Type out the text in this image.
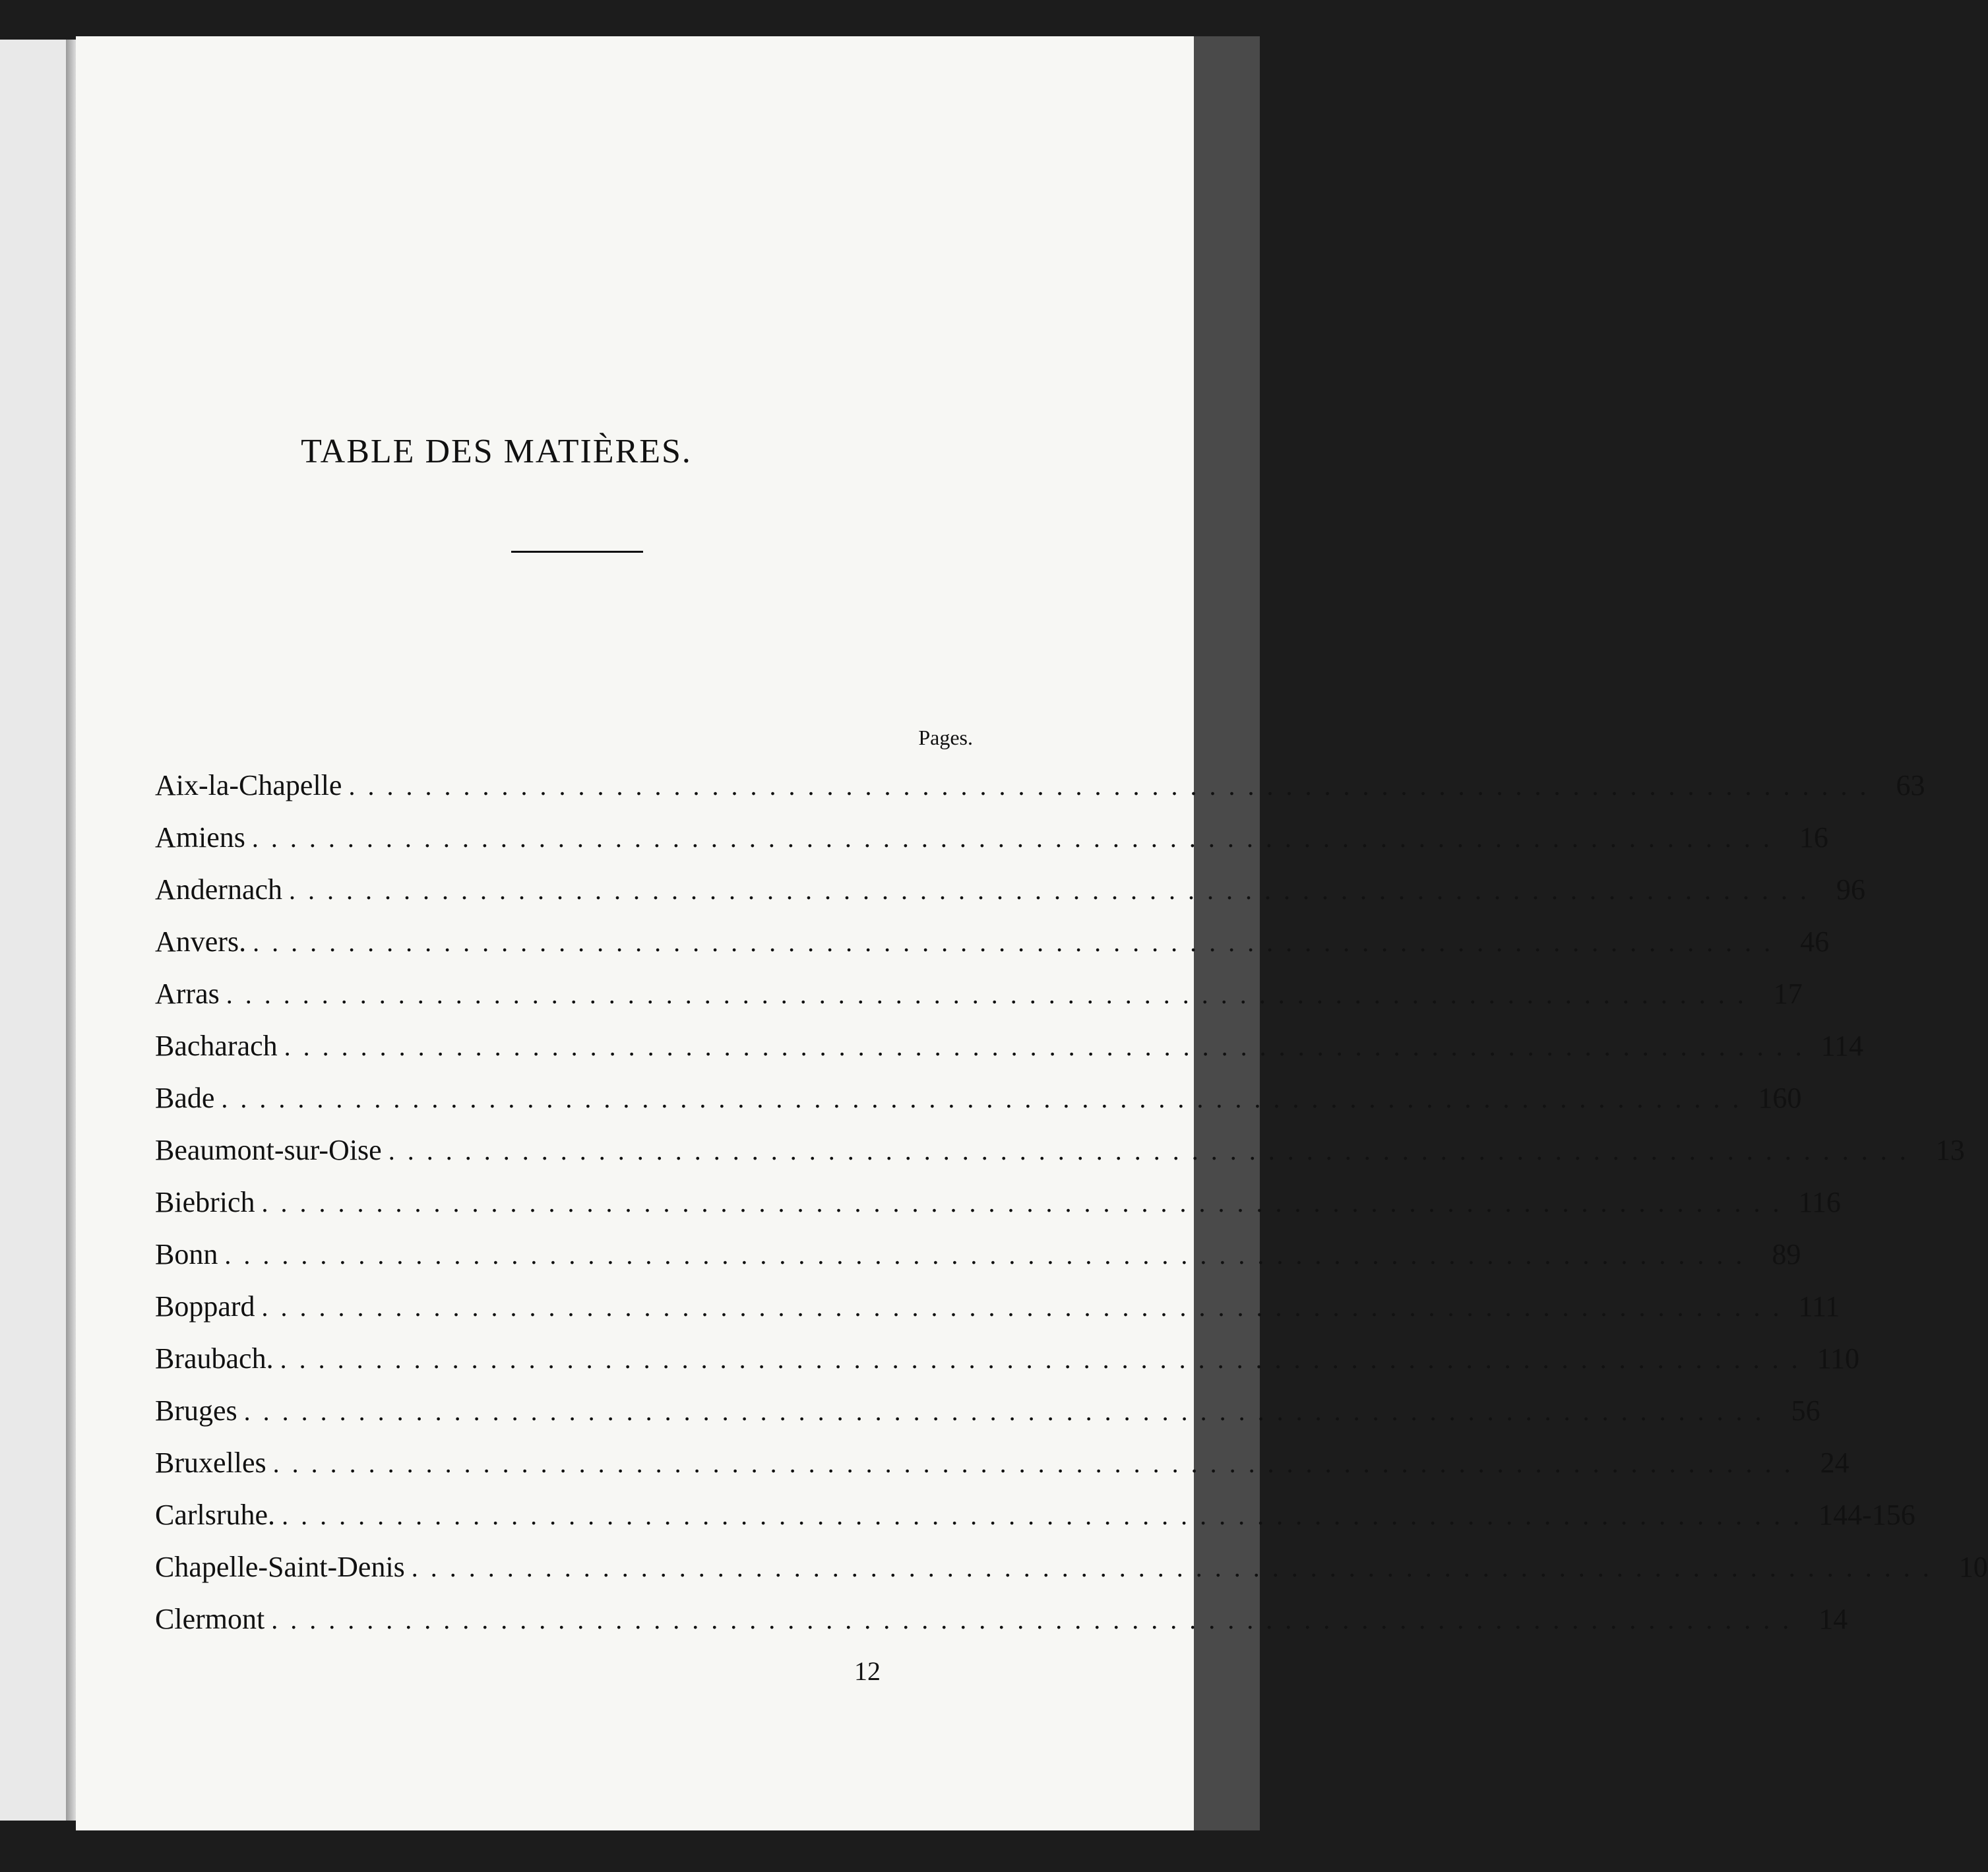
TABLE DES MATIÈRES.
Pages.
Aix-la-Chapelle ................................................................................ 63
Amiens ................................................................................ 16
Andernach ................................................................................ 96
Anvers. ................................................................................ 46
Arras ................................................................................ 17
Bacharach ................................................................................ 114
Bade ................................................................................ 160
Beaumont-sur-Oise ................................................................................ 13
Biebrich ................................................................................ 116
Bonn ................................................................................ 89
Boppard ................................................................................ 111
Braubach. ................................................................................ 110
Bruges ................................................................................ 56
Bruxelles ................................................................................ 24
Carlsruhe. ................................................................................ 144-156
Chapelle-Saint-Denis ................................................................................ 10
Clermont ................................................................................ 14
12
